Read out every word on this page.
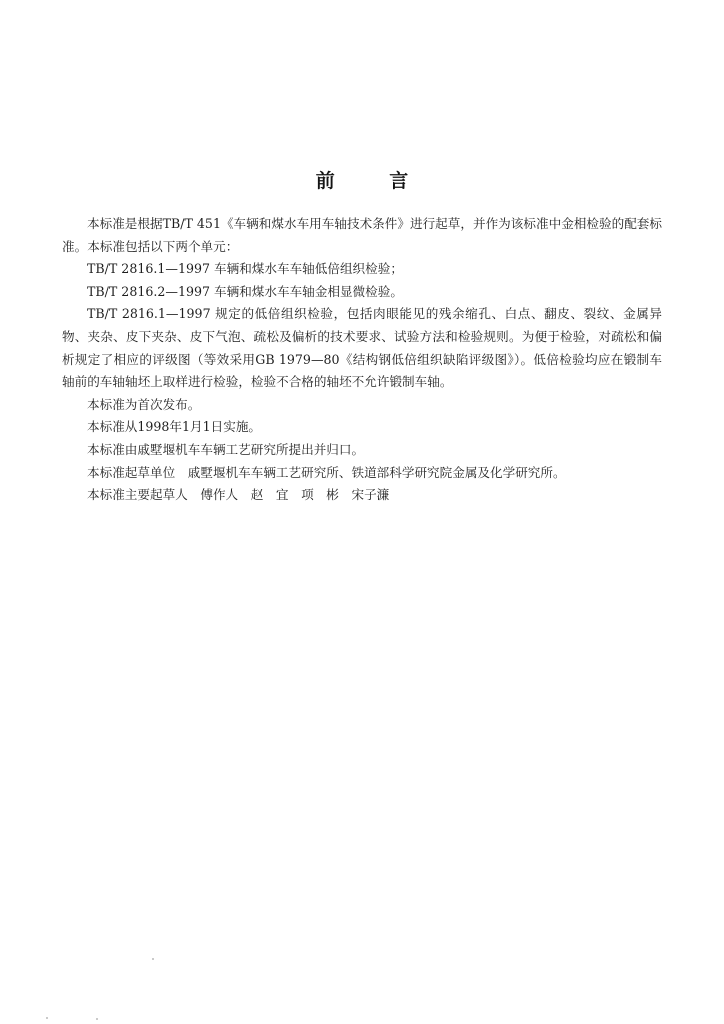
前 言

本标准是根据TB/T 451《车辆和煤水车用车轴技术条件》进行起草，并作为该标准中金相检验的配套标准。本标准包括以下两个单元：

TB/T 2816.1—1997 车辆和煤水车车轴低倍组织检验；

TB/T 2816.2—1997 车辆和煤水车车轴金相显微检验。

TB/T 2816.1—1997 规定的低倍组织检验，包括肉眼能见的残余缩孔、白点、翻皮、裂纹、金属异物、夹杂、皮下夹杂、皮下气泡、疏松及偏析的技术要求、试验方法和检验规则。为便于检验，对疏松和偏析规定了相应的评级图（等效采用GB 1979—80《结构钢低倍组织缺陷评级图》）。低倍检验均应在锻制车轴前的车轴轴坯上取样进行检验，检验不合格的轴坯不允许锻制车轴。

本标准为首次发布。

本标准从1998年1月1日实施。

本标准由戚墅堰机车车辆工艺研究所提出并归口。

本标准起草单位　戚墅堰机车车辆工艺研究所、铁道部科学研究院金属及化学研究所。

本标准主要起草人　傅作人　赵　宜　项　彬　宋子濂
